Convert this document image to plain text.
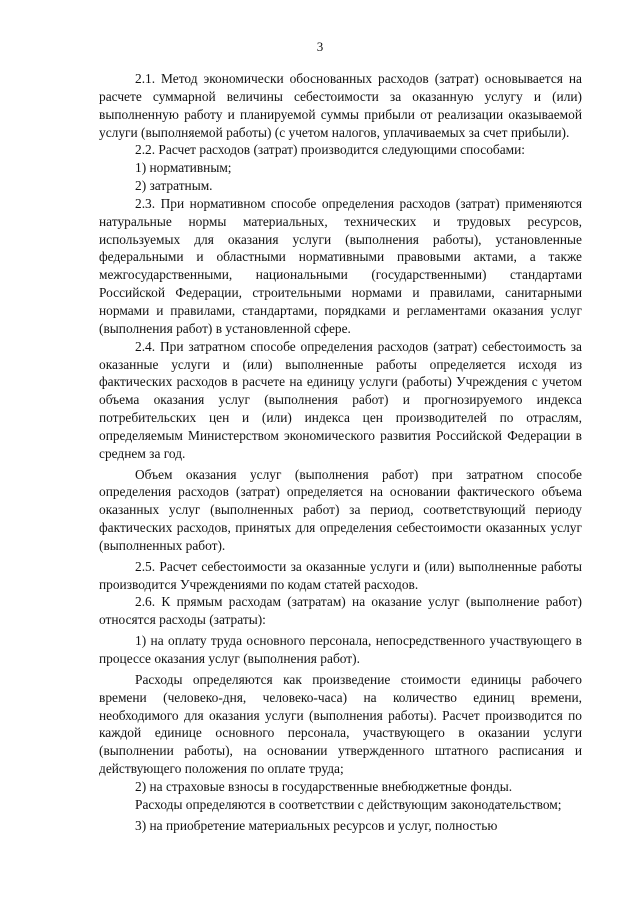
3

2.1. Метод экономически обоснованных расходов (затрат) основывается на расчете суммарной величины себестоимости за оказанную услугу и (или) выполненную работу и планируемой суммы прибыли от реализации оказываемой услуги (выполняемой работы) (с учетом налогов, уплачиваемых за счет прибыли).

2.2. Расчет расходов (затрат) производится следующими способами:

1) нормативным;

2) затратным.

2.3. При нормативном способе определения расходов (затрат) применяются натуральные нормы материальных, технических и трудовых ресурсов, используемых для оказания услуги (выполнения работы), установленные федеральными и областными нормативными правовыми актами, а также межгосударственными, национальными (государственными) стандартами Российской Федерации, строительными нормами и правилами, санитарными нормами и правилами, стандартами, порядками и регламентами оказания услуг (выполнения работ) в установленной сфере.

2.4. При затратном способе определения расходов (затрат) себестоимость за оказанные услуги и (или) выполненные работы определяется исходя из фактических расходов в расчете на единицу услуги (работы) Учреждения с учетом объема оказания услуг (выполнения работ) и прогнозируемого индекса потребительских цен и (или) индекса цен производителей по отраслям, определяемым Министерством экономического развития Российской Федерации в среднем за год.

Объем оказания услуг (выполнения работ) при затратном способе определения расходов (затрат) определяется на основании фактического объема оказанных услуг (выполненных работ) за период, соответствующий периоду фактических расходов, принятых для определения себестоимости оказанных услуг (выполненных работ).

2.5. Расчет себестоимости за оказанные услуги и (или) выполненные работы производится Учреждениями по кодам статей расходов.

2.6. К прямым расходам (затратам) на оказание услуг (выполнение работ) относятся расходы (затраты):

1) на оплату труда основного персонала, непосредственного участвующего в процессе оказания услуг (выполнения работ).

Расходы определяются как произведение стоимости единицы рабочего времени (человеко-дня, человеко-часа) на количество единиц времени, необходимого для оказания услуги (выполнения работы). Расчет производится по каждой единице основного персонала, участвующего в оказании услуги (выполнении работы), на основании утвержденного штатного расписания и действующего положения по оплате труда;

2) на страховые взносы в государственные внебюджетные фонды.

Расходы определяются в соответствии с действующим законодательством;

3) на приобретение материальных ресурсов и услуг, полностью
